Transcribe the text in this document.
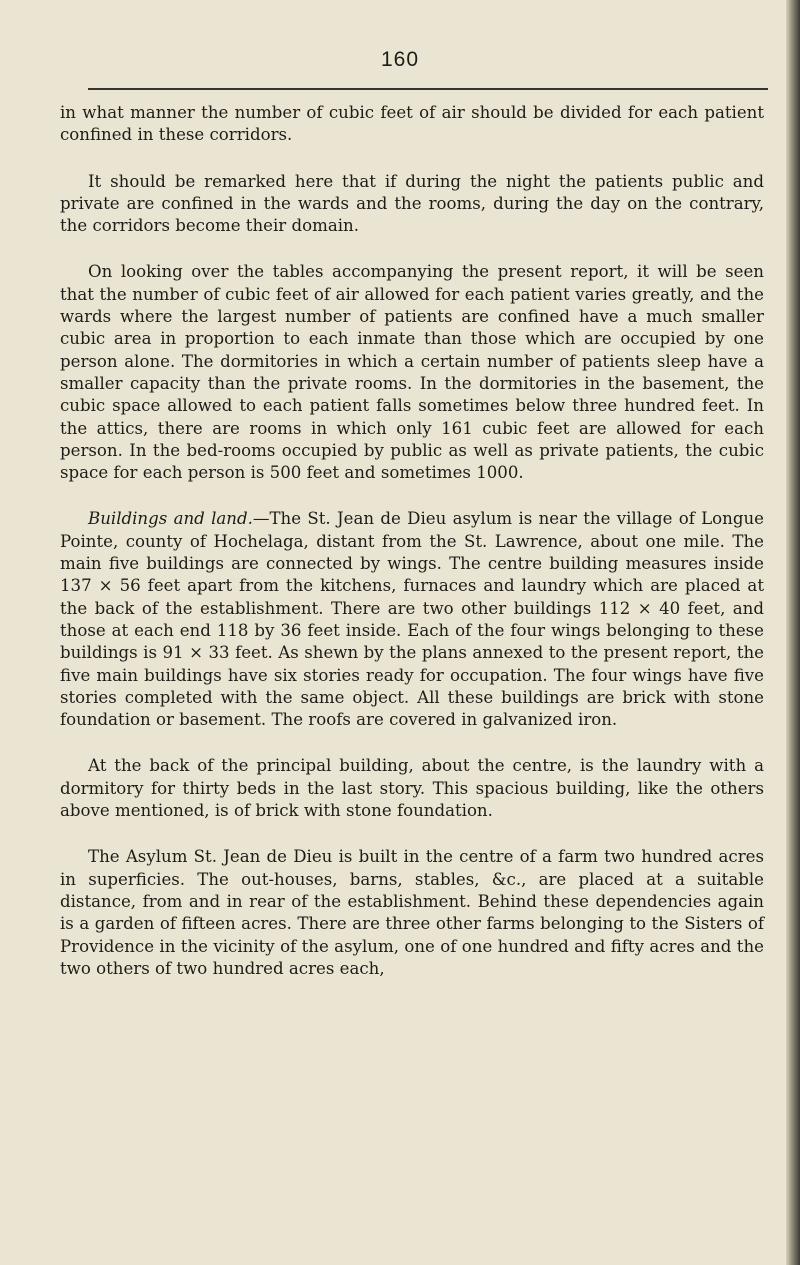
160

in what manner the number of cubic feet of air should be divided for each patient confined in these corridors.

It should be remarked here that if during the night the patients public and private are confined in the wards and the rooms, during the day on the contrary, the corridors become their domain.

On looking over the tables accompanying the present report, it will be seen that the number of cubic feet of air allowed for each patient varies greatly, and the wards where the largest number of patients are confined have a much smaller cubic area in proportion to each inmate than those which are occupied by one person alone. The dormitories in which a certain number of patients sleep have a smaller capacity than the private rooms. In the dormitories in the basement, the cubic space allowed to each patient falls sometimes below three hundred feet. In the attics, there are rooms in which only 161 cubic feet are allowed for each person. In the bed-rooms occupied by public as well as private patients, the cubic space for each person is 500 feet and sometimes 1000.

Buildings and land.—The St. Jean de Dieu asylum is near the village of Longue Pointe, county of Hochelaga, distant from the St. Lawrence, about one mile. The main five buildings are connected by wings. The centre building measures inside 137 × 56 feet apart from the kitchens, furnaces and laundry which are placed at the back of the establishment. There are two other buildings 112 × 40 feet, and those at each end 118 by 36 feet inside. Each of the four wings belonging to these buildings is 91 × 33 feet. As shewn by the plans annexed to the present report, the five main buildings have six stories ready for occupation. The four wings have five stories completed with the same object. All these buildings are brick with stone foundation or basement. The roofs are covered in galvanized iron.

At the back of the principal building, about the centre, is the laundry with a dormitory for thirty beds in the last story. This spacious building, like the others above mentioned, is of brick with stone foundation.

The Asylum St. Jean de Dieu is built in the centre of a farm two hundred acres in superficies. The out-houses, barns, stables, &c., are placed at a suitable distance, from and in rear of the establishment. Behind these dependencies again is a garden of fifteen acres. There are three other farms belonging to the Sisters of Providence in the vicinity of the asylum, one of one hundred and fifty acres and the two others of two hundred acres each,
